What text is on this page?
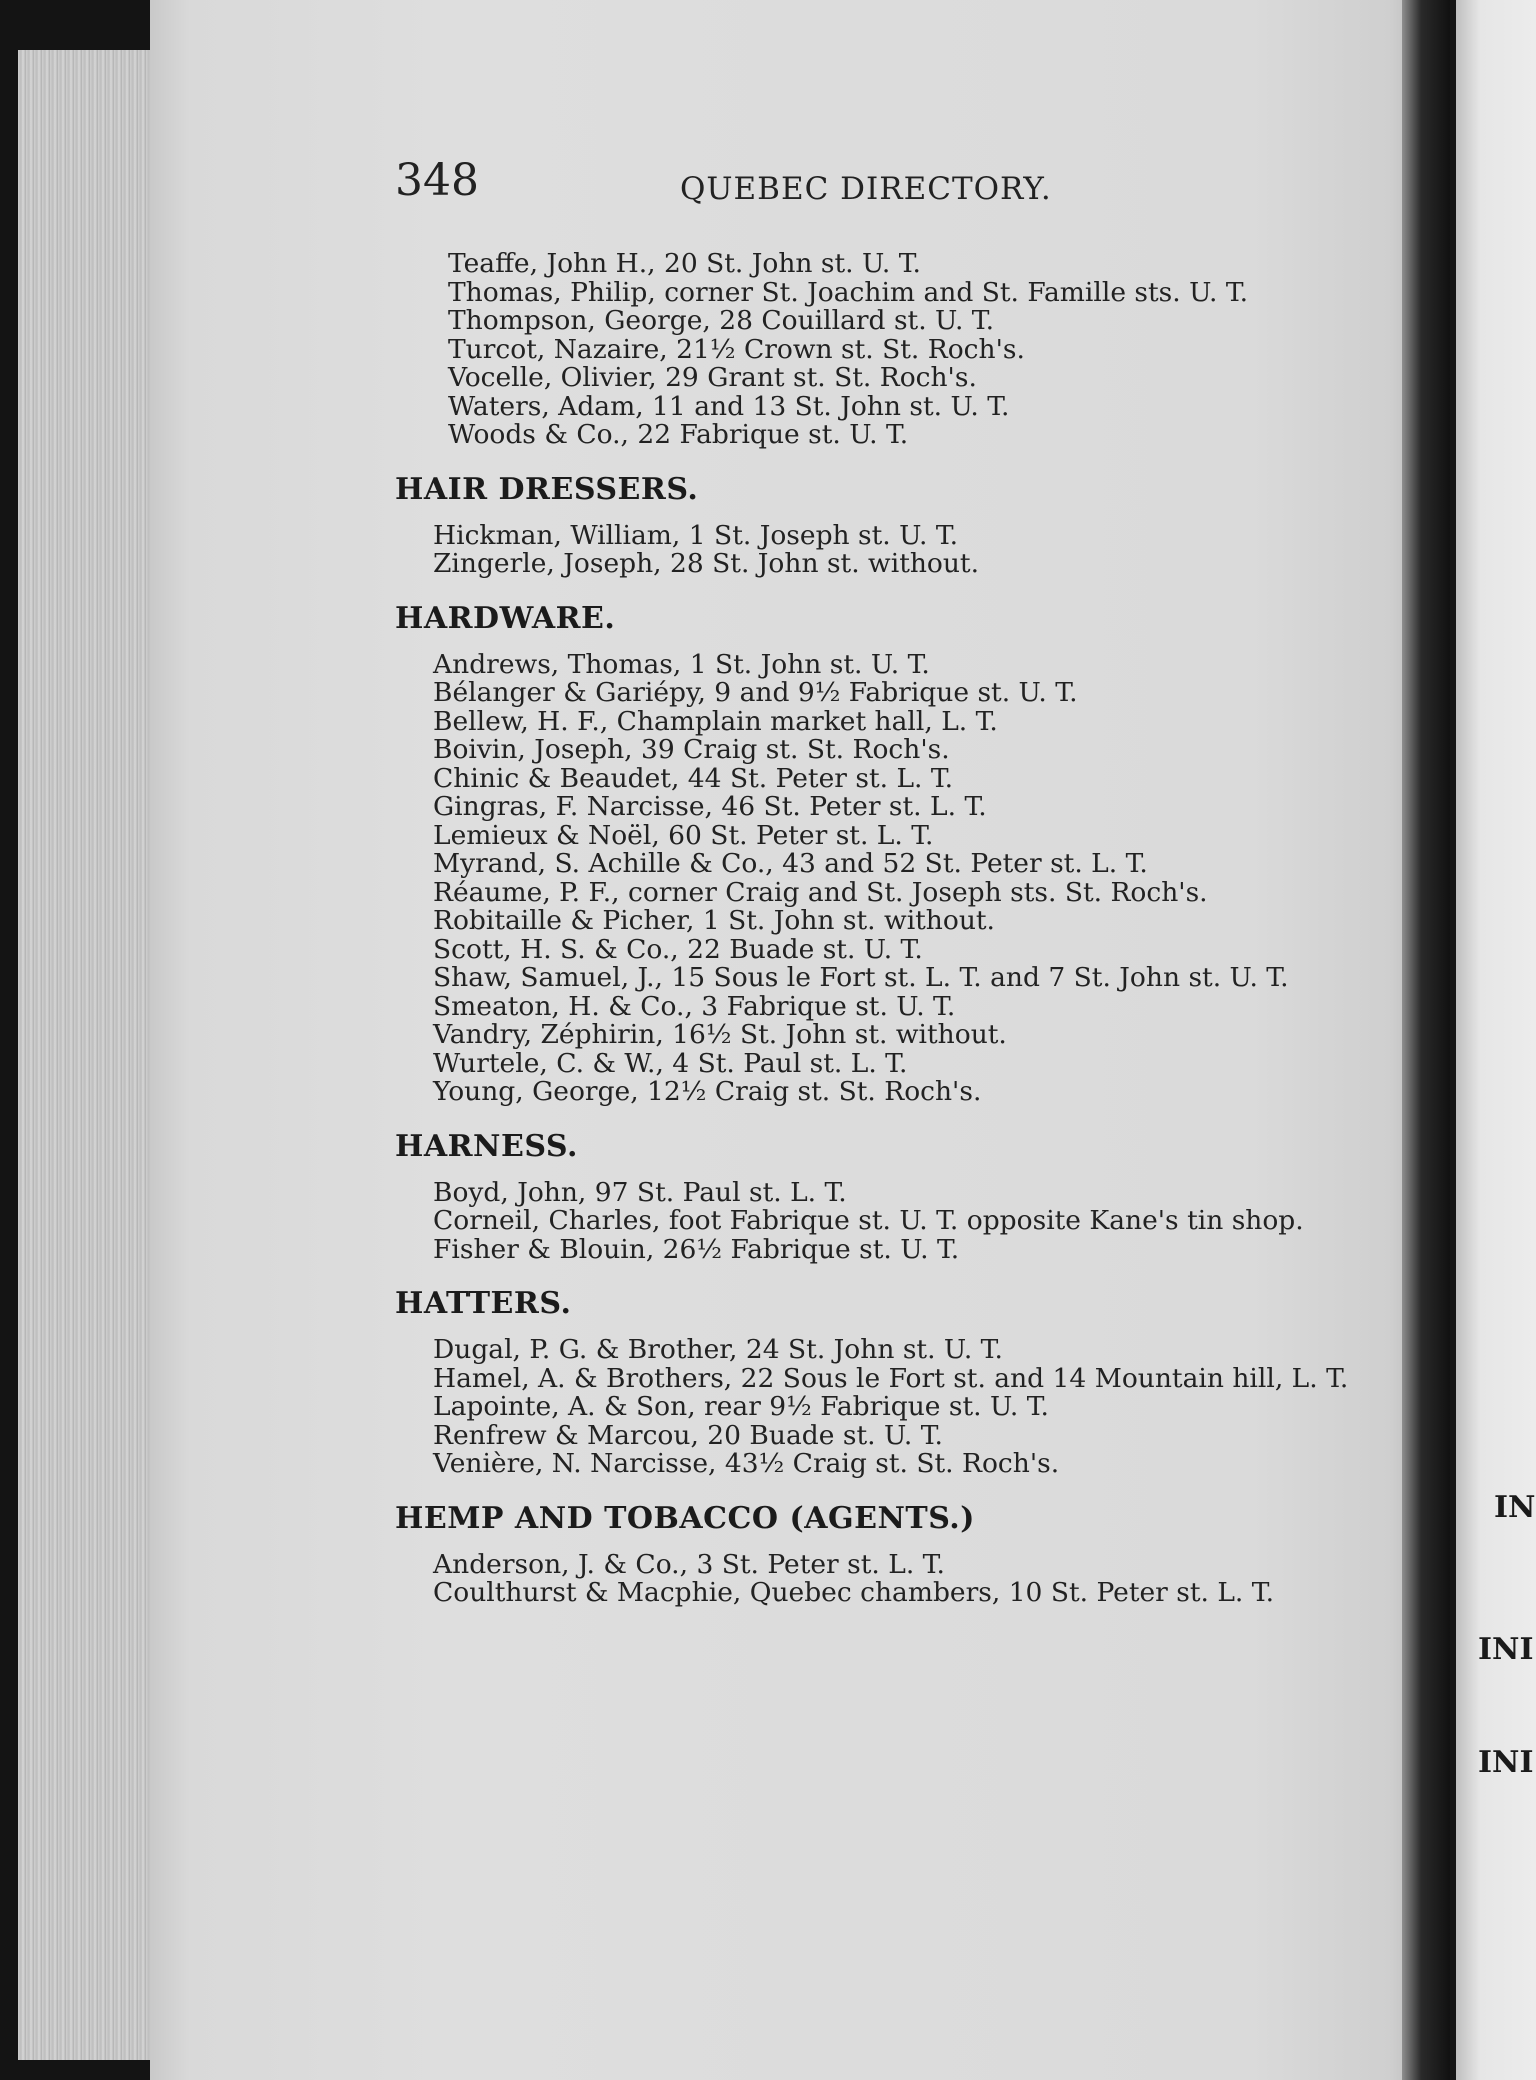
IN
INI
INI
348	QUEBEC DIRECTORY.
Teaffe, John H., 20 St. John st. U. T.
Thomas, Philip, corner St. Joachim and St. Famille sts. U. T.
Thompson, George, 28 Couillard st. U. T.
Turcot, Nazaire, 21½ Crown st. St. Roch's.
Vocelle, Olivier, 29 Grant st. St. Roch's.
Waters, Adam, 11 and 13 St. John st. U. T.
Woods & Co., 22 Fabrique st. U. T.
HAIR DRESSERS.
Hickman, William, 1 St. Joseph st. U. T.
Zingerle, Joseph, 28 St. John st. without.
HARDWARE.
Andrews, Thomas, 1 St. John st. U. T.
Bélanger & Gariépy, 9 and 9½ Fabrique st. U. T.
Bellew, H. F., Champlain market hall, L. T.
Boivin, Joseph, 39 Craig st. St. Roch's.
Chinic & Beaudet, 44 St. Peter st. L. T.
Gingras, F. Narcisse, 46 St. Peter st. L. T.
Lemieux & Noël, 60 St. Peter st. L. T.
Myrand, S. Achille & Co., 43 and 52 St. Peter st. L. T.
Réaume, P. F., corner Craig and St. Joseph sts. St. Roch's.
Robitaille & Picher, 1 St. John st. without.
Scott, H. S. & Co., 22 Buade st. U. T.
Shaw, Samuel, J., 15 Sous le Fort st. L. T. and 7 St. John st. U. T.
Smeaton, H. & Co., 3 Fabrique st. U. T.
Vandry, Zéphirin, 16½ St. John st. without.
Wurtele, C. & W., 4 St. Paul st. L. T.
Young, George, 12½ Craig st. St. Roch's.
HARNESS.
Boyd, John, 97 St. Paul st. L. T.
Corneil, Charles, foot Fabrique st. U. T. opposite Kane's tin shop.
Fisher & Blouin, 26½ Fabrique st. U. T.
HATTERS.
Dugal, P. G. & Brother, 24 St. John st. U. T.
Hamel, A. & Brothers, 22 Sous le Fort st. and 14 Mountain hill, L. T.
Lapointe, A. & Son, rear 9½ Fabrique st. U. T.
Renfrew & Marcou, 20 Buade st. U. T.
Venière, N. Narcisse, 43½ Craig st. St. Roch's.
HEMP AND TOBACCO (AGENTS.)
Anderson, J. & Co., 3 St. Peter st. L. T.
Coulthurst & Macphie, Quebec chambers, 10 St. Peter st. L. T.
